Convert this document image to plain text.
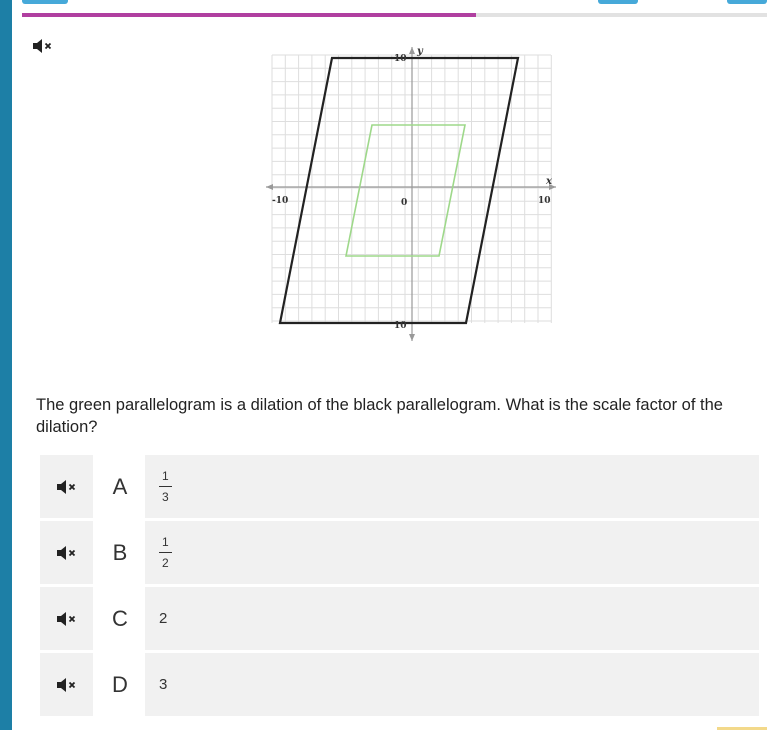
y
x
-10	0	10
10
10
The green parallelogram is a dilation of the black parallelogram. What is the scale factor of the dilation?
A	$\frac{1}{3}$
B	$\frac{1}{2}$
C	2
D	3
